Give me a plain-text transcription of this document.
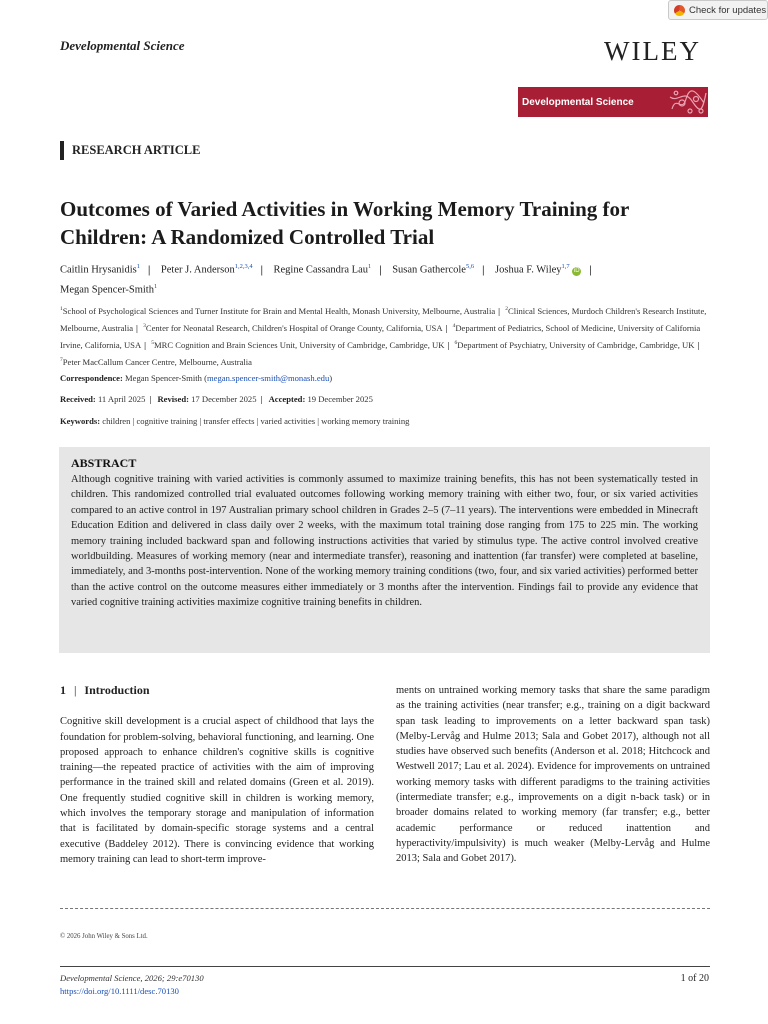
Check for updates
Developmental Science	WILEY
Developmental Science
RESEARCH ARTICLE
Outcomes of Varied Activities in Working Memory Training for Children: A Randomized Controlled Trial
Caitlin Hrysanidis$^1$ | Peter J. Anderson$^{1,2,3,4}$ | Regine Cassandra Lau$^1$ | Susan Gathercole$^{5,6}$ | Joshua F. Wiley$^{1,7}$ iD |
Megan Spencer-Smith$^1$
$^1$School of Psychological Sciences and Turner Institute for Brain and Mental Health, Monash University, Melbourne, Australia | $^2$Clinical Sciences, Murdoch Children's Research Institute, Melbourne, Australia | $^3$Center for Neonatal Research, Children's Hospital of Orange County, California, USA | $^4$Department of Pediatrics, School of Medicine, University of California Irvine, California, USA | $^5$MRC Cognition and Brain Sciences Unit, University of Cambridge, Cambridge, UK | $^6$Department of Psychiatry, University of Cambridge, Cambridge, UK | $^7$Peter MacCallum Cancer Centre, Melbourne, Australia
Correspondence: Megan Spencer-Smith (megan.spencer-smith@monash.edu)
Received: 11 April 2025 | Revised: 17 December 2025 | Accepted: 19 December 2025
Keywords: children | cognitive training | transfer effects | varied activities | working memory training
ABSTRACT

Although cognitive training with varied activities is commonly assumed to maximize training benefits, this has not been systematically tested in children. This randomized controlled trial evaluated outcomes following working memory training with either two, four, or six varied activities compared to an active control in 197 Australian primary school children in Grades 2–5 (7–11 years). The interventions were embedded in Minecraft Education Edition and delivered in class daily over 2 weeks, with the maximum total training dose ranging from 175 to 225 min. The working memory training included backward span and following instructions activities that varied by stimulus type. The active control involved creative worldbuilding. Measures of working memory (near and intermediate transfer), reasoning and inattention (far transfer) were completed at baseline, immediately, and 3-months post-intervention. None of the working memory training conditions (two, four, and six varied activities) performed better than the active control on the outcome measures either immediately or 3 months after the intervention. Findings fail to provide any evidence that varied cognitive training activities maximize cognitive training benefits in children.

1 | Introduction

Cognitive skill development is a crucial aspect of childhood that lays the foundation for problem-solving, behavioral functioning, and learning. One proposed approach to enhance children's cognitive skills is cognitive training—the repeated practice of activities with the aim of improving performance in the trained skill and related domains (Green et al. 2019). One frequently studied cognitive skill in children is working memory, which involves the temporary storage and manipulation of information that is facilitated by domain-specific storage systems and a central executive (Baddeley 2012). There is convincing evidence that working memory training can lead to short-term improve-

ments on untrained working memory tasks that share the same paradigm as the training activities (near transfer; e.g., training on a digit backward span task leading to improvements on a letter backward span task) (Melby-Lervåg and Hulme 2013; Sala and Gobet 2017), although not all studies have observed such benefits (Anderson et al. 2018; Hitchcock and Westwell 2017; Lau et al. 2024). Evidence for improvements on untrained working memory tasks with different paradigms to the training activities (intermediate transfer; e.g., improvements on a digit n-back task) or in broader domains related to working memory (far transfer; e.g., better academic performance or reduced inattention and hyperactivity/impulsivity) is much weaker (Melby-Lervåg and Hulme 2013; Sala and Gobet 2017).

© 2026 John Wiley & Sons Ltd.
Developmental Science, 2026; 29:e70130
https://doi.org/10.1111/desc.70130
1 of 20
